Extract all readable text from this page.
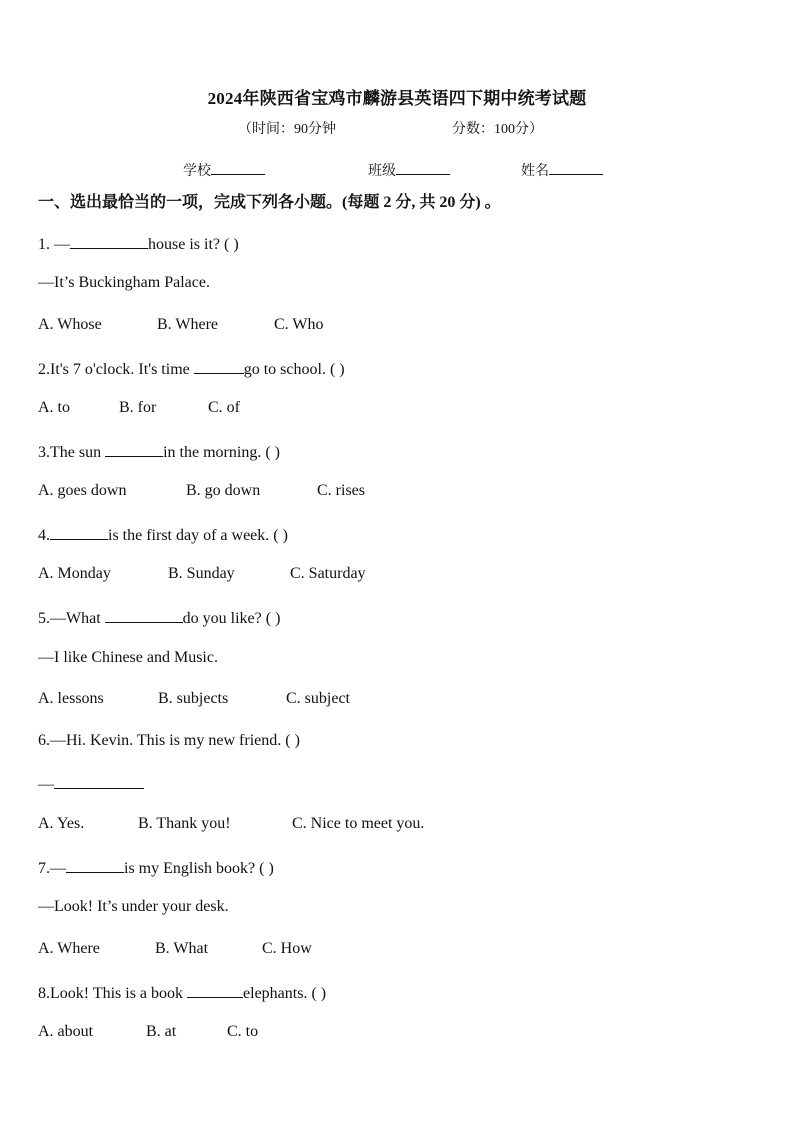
2024年陕西省宝鸡市麟游县英语四下期中统考试题
（时间：90分钟	分数：100分）
学校	班级	姓名
一、选出最恰当的一项，完成下列各小题。(每题 2 分, 共 20 分) 。
1. —	house is it? ( )
—It’s Buckingham Palace.
A. Whose	B. Where	C. Who
2.It's 7 o'clock. It's time	go to school. ( )
A. to	B. for	C. of
3.The sun	in the morning. ( )
A. goes down	B. go down	C. rises
4.	is the first day of a week. ( )
A. Monday	B. Sunday	C. Saturday
5.—What	do you like? ( )
—I like Chinese and Music.
A. lessons	B. subjects	C. subject
6.—Hi. Kevin. This is my new friend. ( )
—
A. Yes.	B. Thank you!	C. Nice to meet you.
7.—	is my English book? ( )
—Look! It’s under your desk.
A. Where	B. What	C. How
8.Look! This is a book	elephants. ( )
A. about	B. at	C. to
